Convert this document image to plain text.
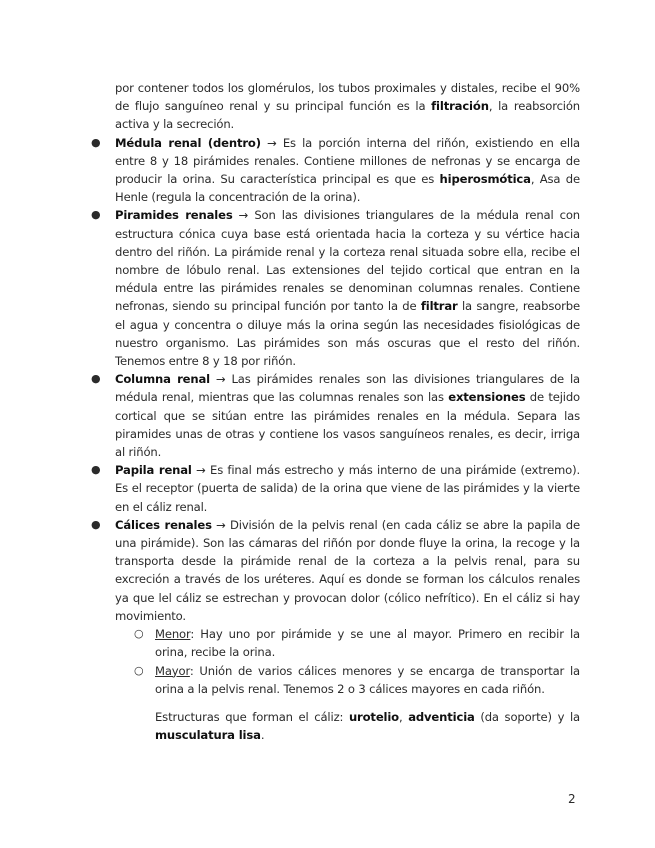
por contener todos los glomérulos, los tubos proximales y distales, recibe el 90% de flujo sanguíneo renal y su principal función es la filtración, la reabsorción activa y la secreción.

● Médula renal (dentro) → Es la porción interna del riñón, existiendo en ella entre 8 y 18 pirámides renales. Contiene millones de nefronas y se encarga de producir la orina. Su característica principal es que es hiperosmótica, Asa de Henle (regula la concentración de la orina).

● Piramides renales → Son las divisiones triangulares de la médula renal con estructura cónica cuya base está orientada hacia la corteza y su vértice hacia dentro del riñón. La pirámide renal y la corteza renal situada sobre ella, recibe el nombre de lóbulo renal. Las extensiones del tejido cortical que entran en la médula entre las pirámides renales se denominan columnas renales. Contiene nefronas, siendo su principal función por tanto la de filtrar la sangre, reabsorbe el agua y concentra o diluye más la orina según las necesidades fisiológicas de nuestro organismo. Las pirámides son más oscuras que el resto del riñón. Tenemos entre 8 y 18 por riñón.

● Columna renal → Las pirámides renales son las divisiones triangulares de la médula renal, mientras que las columnas renales son las extensiones de tejido cortical que se sitúan entre las pirámides renales en la médula. Separa las piramides unas de otras y contiene los vasos sanguíneos renales, es decir, irriga al riñón.

● Papila renal → Es final más estrecho y más interno de una pirámide (extremo). Es el receptor (puerta de salida) de la orina que viene de las pirámides y la vierte en el cáliz renal.

● Cálices renales → División de la pelvis renal (en cada cáliz se abre la papila de una pirámide). Son las cámaras del riñón por donde fluye la orina, la recoge y la transporta desde la pirámide renal de la corteza a la pelvis renal, para su excreción a través de los uréteres. Aquí es donde se forman los cálculos renales ya que lel cáliz se estrechan y provocan dolor (cólico nefrítico). En el cáliz si hay movimiento.

○ Menor: Hay uno por pirámide y se une al mayor. Primero en recibir la orina, recibe la orina.

○ Mayor: Unión de varios cálices menores y se encarga de transportar la orina a la pelvis renal. Tenemos 2 o 3 cálices mayores en cada riñón.

Estructuras que forman el cáliz: urotelio, adventicia (da soporte) y la musculatura lisa.

2
